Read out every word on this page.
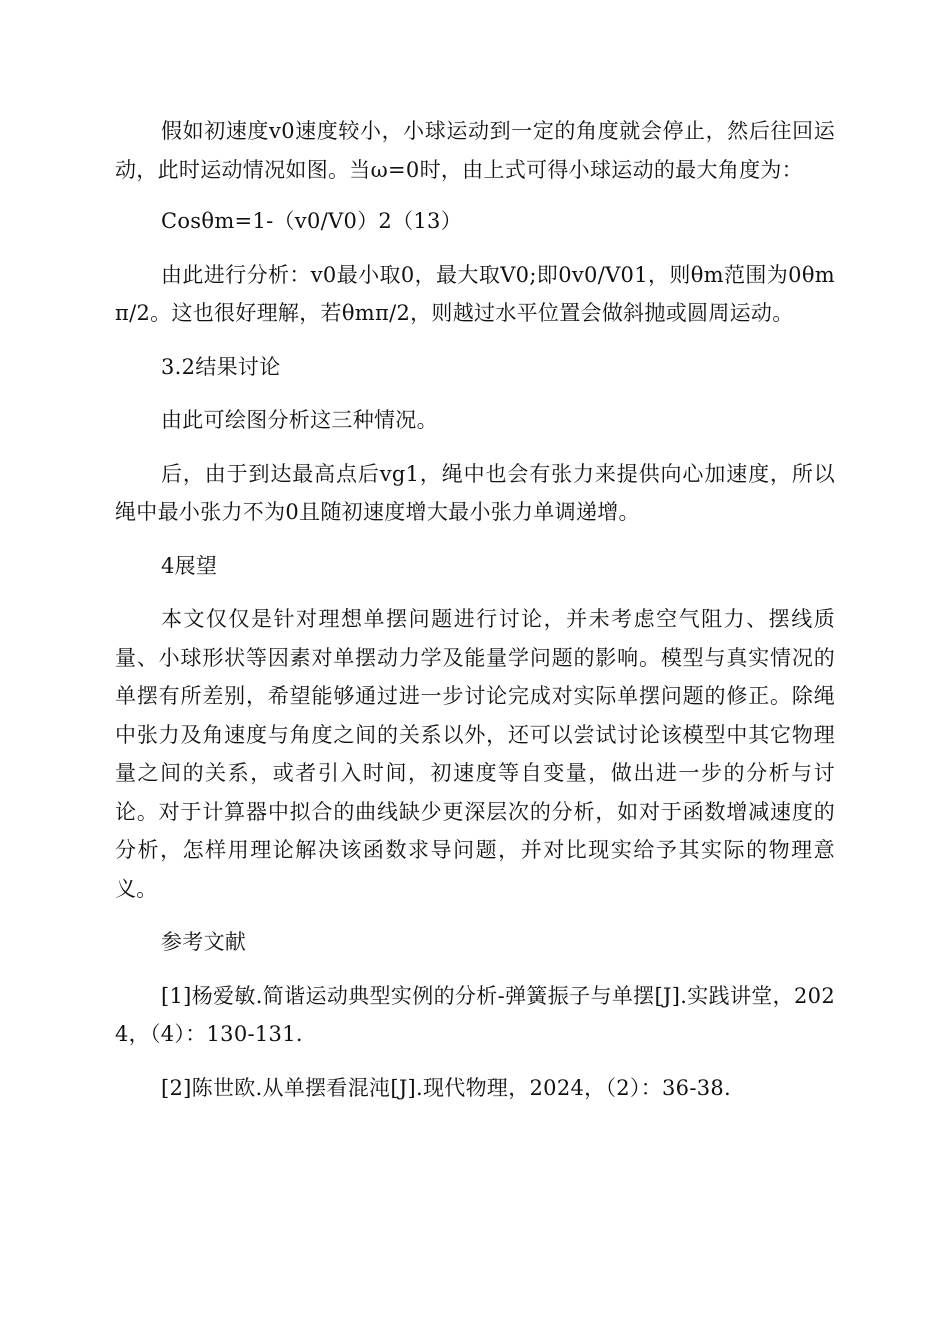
假如初速度v0速度较小，小球运动到一定的角度就会停止，然后往回运动，此时运动情况如图。当ω=0时，由上式可得小球运动的最大角度为：

Cosθm=1-（v0/V0）2（13）

由此进行分析：v0最小取0，最大取V0;即0v0/V01，则θm范围为0θmπ/2。这也很好理解，若θmπ/2，则越过水平位置会做斜抛或圆周运动。

3.2结果讨论

由此可绘图分析这三种情况。

后，由于到达最高点后vg1，绳中也会有张力来提供向心加速度，所以绳中最小张力不为0且随初速度增大最小张力单调递增。

4展望

本文仅仅是针对理想单摆问题进行讨论，并未考虑空气阻力、摆线质量、小球形状等因素对单摆动力学及能量学问题的影响。模型与真实情况的单摆有所差别，希望能够通过进一步讨论完成对实际单摆问题的修正。除绳中张力及角速度与角度之间的关系以外，还可以尝试讨论该模型中其它物理量之间的关系，或者引入时间，初速度等自变量，做出进一步的分析与讨论。对于计算器中拟合的曲线缺少更深层次的分析，如对于函数增减速度的分析，怎样用理论解决该函数求导问题，并对比现实给予其实际的物理意义。

参考文献

[1]杨爱敏.简谐运动典型实例的分析-弹簧振子与单摆[J].实践讲堂，2024，（4）：130-131.

[2]陈世欧.从单摆看混沌[J].现代物理，2024，（2）：36-38.
